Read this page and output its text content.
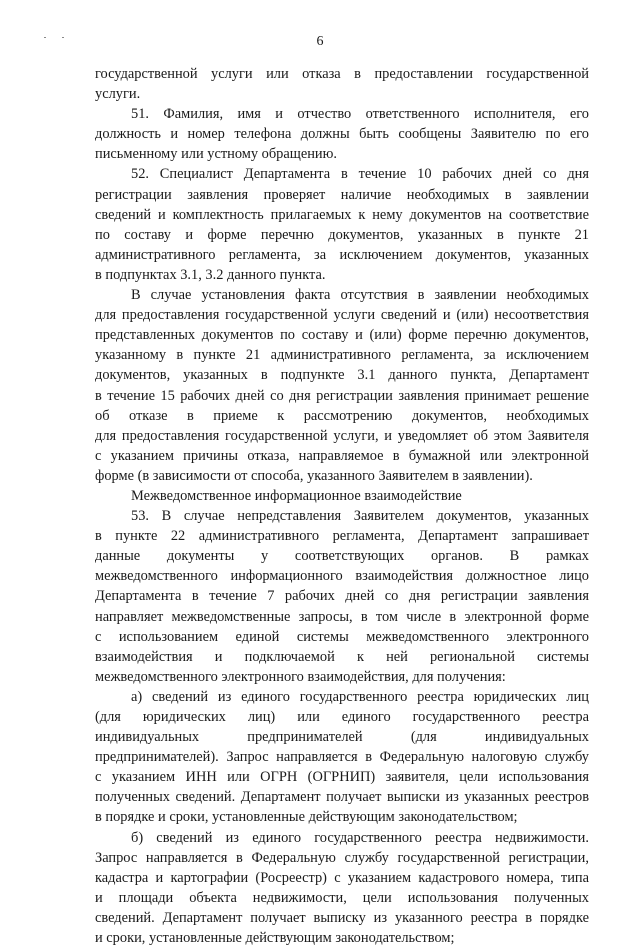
6
государственной услуги или отказа в предоставлении государственной
услуги.
51. Фамилия, имя и отчество ответственного исполнителя, его
должность и номер телефона должны быть сообщены Заявителю по его
письменному или устному обращению.
52. Специалист Департамента в течение 10 рабочих дней со дня
регистрации заявления проверяет наличие необходимых в заявлении
сведений и комплектность прилагаемых к нему документов на соответствие
по составу и форме перечню документов, указанных в пункте 21
административного регламента, за исключением документов, указанных
в подпунктах 3.1, 3.2 данного пункта.
В случае установления факта отсутствия в заявлении необходимых
для предоставления государственной услуги сведений и (или) несоответствия
представленных документов по составу и (или) форме перечню документов,
указанному в пункте 21 административного регламента, за исключением
документов, указанных в подпункте 3.1 данного пункта, Департамент
в течение 15 рабочих дней со дня регистрации заявления принимает решение
об отказе в приеме к рассмотрению документов, необходимых
для предоставления государственной услуги, и уведомляет об этом Заявителя
с указанием причины отказа, направляемое в бумажной или электронной
форме (в зависимости от способа, указанного Заявителем в заявлении).
Межведомственное информационное взаимодействие
53. В случае непредставления Заявителем документов, указанных
в пункте 22 административного регламента, Департамент запрашивает
данные документы у соответствующих органов. В рамках
межведомственного информационного взаимодействия должностное лицо
Департамента в течение 7 рабочих дней со дня регистрации заявления
направляет межведомственные запросы, в том числе в электронной форме
с использованием единой системы межведомственного электронного
взаимодействия и подключаемой к ней региональной системы
межведомственного электронного взаимодействия, для получения:
а) сведений из единого государственного реестра юридических лиц
(для юридических лиц) или единого государственного реестра
индивидуальных предпринимателей (для индивидуальных
предпринимателей). Запрос направляется в Федеральную налоговую службу
с указанием ИНН или ОГРН (ОГРНИП) заявителя, цели использования
полученных сведений. Департамент получает выписки из указанных реестров
в порядке и сроки, установленные действующим законодательством;
б) сведений из единого государственного реестра недвижимости.
Запрос направляется в Федеральную службу государственной регистрации,
кадастра и картографии (Росреестр) с указанием кадастрового номера, типа
и площади объекта недвижимости, цели использования полученных
сведений. Департамент получает выписку из указанного реестра в порядке
и сроки, установленные действующим законодательством;
